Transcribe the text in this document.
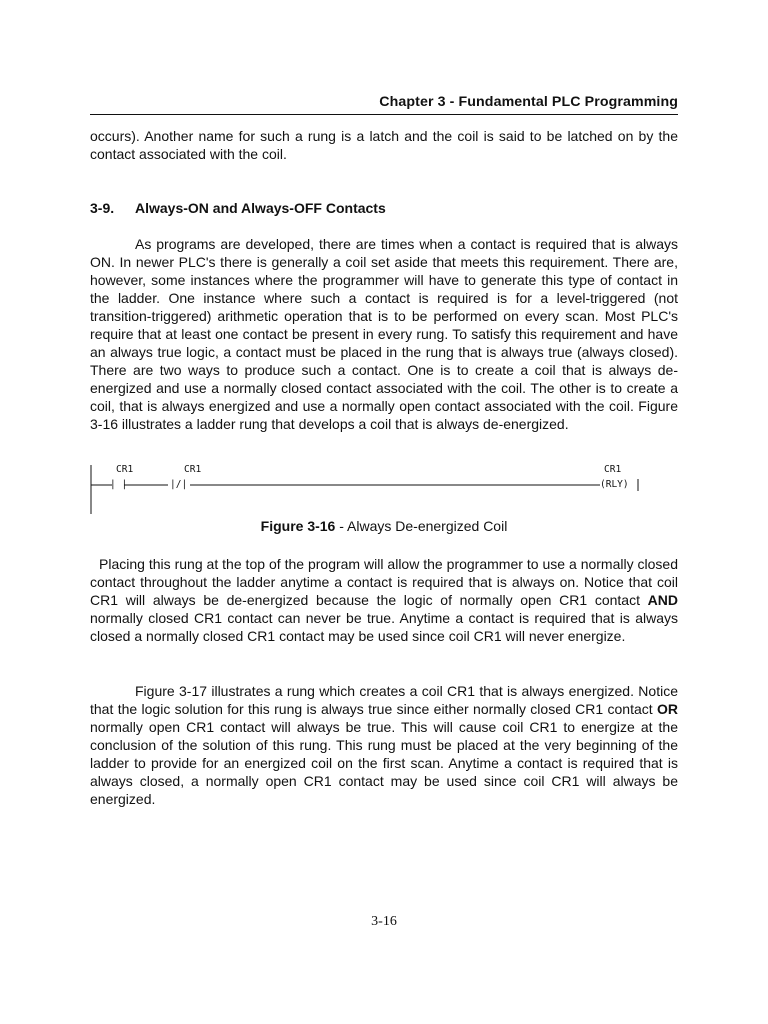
Chapter 3 - Fundamental PLC Programming

occurs). Another name for such a rung is a latch and the coil is said to be latched on by the contact associated with the coil.

3-9. Always-ON and Always-OFF Contacts

As programs are developed, there are times when a contact is required that is always ON. In newer PLC's there is generally a coil set aside that meets this requirement. There are, however, some instances where the programmer will have to generate this type of contact in the ladder. One instance where such a contact is required is for a level-triggered (not transition-triggered) arithmetic operation that is to be performed on every scan. Most PLC's require that at least one contact be present in every rung. To satisfy this requirement and have an always true logic, a contact must be placed in the rung that is always true (always closed). There are two ways to produce such a contact. One is to create a coil that is always de-energized and use a normally closed contact associated with the coil. The other is to create a coil, that is always energized and use a normally open contact associated with the coil. Figure 3-16 illustrates a ladder rung that develops a coil that is always de-energized.

CR1	CR1	CR1
| |	|/|	(RLY)
Figure 3-16 - Always De-energized Coil

Placing this rung at the top of the program will allow the programmer to use a normally closed contact throughout the ladder anytime a contact is required that is always on. Notice that coil CR1 will always be de-energized because the logic of normally open CR1 contact AND normally closed CR1 contact can never be true. Anytime a contact is required that is always closed a normally closed CR1 contact may be used since coil CR1 will never energize.

Figure 3-17 illustrates a rung which creates a coil CR1 that is always energized. Notice that the logic solution for this rung is always true since either normally closed CR1 contact OR normally open CR1 contact will always be true. This will cause coil CR1 to energize at the conclusion of the solution of this rung. This rung must be placed at the very beginning of the ladder to provide for an energized coil on the first scan. Anytime a contact is required that is always closed, a normally open CR1 contact may be used since coil CR1 will always be energized.

3-16
